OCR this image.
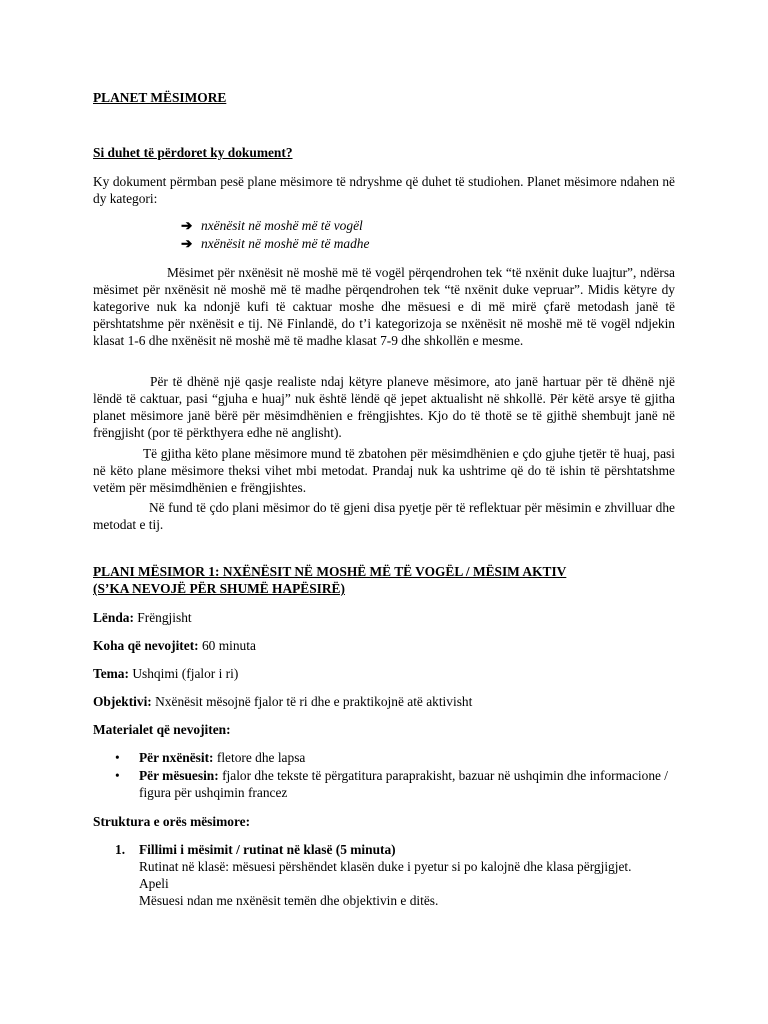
PLANET MËSIMORE

Si duhet të përdoret ky dokument?

Ky dokument përmban pesë plane mësimore të ndryshme që duhet të studiohen. Planet mësimore ndahen në dy kategori:

➔ nxënësit në moshë më të vogël
➔ nxënësit në moshë më të madhe

Mësimet për nxënësit në moshë më të vogël përqendrohen tek “të nxënit duke luajtur”, ndërsa mësimet për nxënësit në moshë më të madhe përqendrohen tek “të nxënit duke vepruar”. Midis këtyre dy kategorive nuk ka ndonjë kufi të caktuar moshe dhe mësuesi e di më mirë çfarë metodash janë të përshtatshme për nxënësit e tij. Në Finlandë, do t’i kategorizoja se nxënësit në moshë më të vogël ndjekin klasat 1-6 dhe nxënësit në moshë më të madhe klasat 7-9 dhe shkollën e mesme.

Për të dhënë një qasje realiste ndaj këtyre planeve mësimore, ato janë hartuar për të dhënë një lëndë të caktuar, pasi “gjuha e huaj” nuk është lëndë që jepet aktualisht në shkollë. Për këtë arsye të gjitha planet mësimore janë bërë për mësimdhënien e frëngjishtes. Kjo do të thotë se të gjithë shembujt janë në frëngjisht (por të përkthyera edhe në anglisht).

Të gjitha këto plane mësimore mund të zbatohen për mësimdhënien e çdo gjuhe tjetër të huaj, pasi në këto plane mësimore theksi vihet mbi metodat. Prandaj nuk ka ushtrime që do të ishin të përshtatshme vetëm për mësimdhënien e frëngjishtes.

Në fund të çdo plani mësimor do të gjeni disa pyetje për të reflektuar për mësimin e zhvilluar dhe metodat e tij.

PLANI MËSIMOR 1: NXËNËSIT NË MOSHË MË TË VOGËL / MËSIM AKTIV
(S’KA NEVOJË PËR SHUMË HAPËSIRË)

Lënda: Frëngjisht

Koha që nevojitet: 60 minuta

Tema: Ushqimi (fjalor i ri)

Objektivi: Nxënësit mësojnë fjalor të ri dhe e praktikojnë atë aktivisht

Materialet që nevojiten:

• Për nxënësit: fletore dhe lapsa
• Për mësuesin: fjalor dhe tekste të përgatitura paraprakisht, bazuar në ushqimin dhe informacione / figura për ushqimin francez

Struktura e orës mësimore:

1. Fillimi i mësimit / rutinat në klasë (5 minuta)

Rutinat në klasë: mësuesi përshëndet klasën duke i pyetur si po kalojnë dhe klasa përgjigjet.

Apeli

Mësuesi ndan me nxënësit temën dhe objektivin e ditës.
